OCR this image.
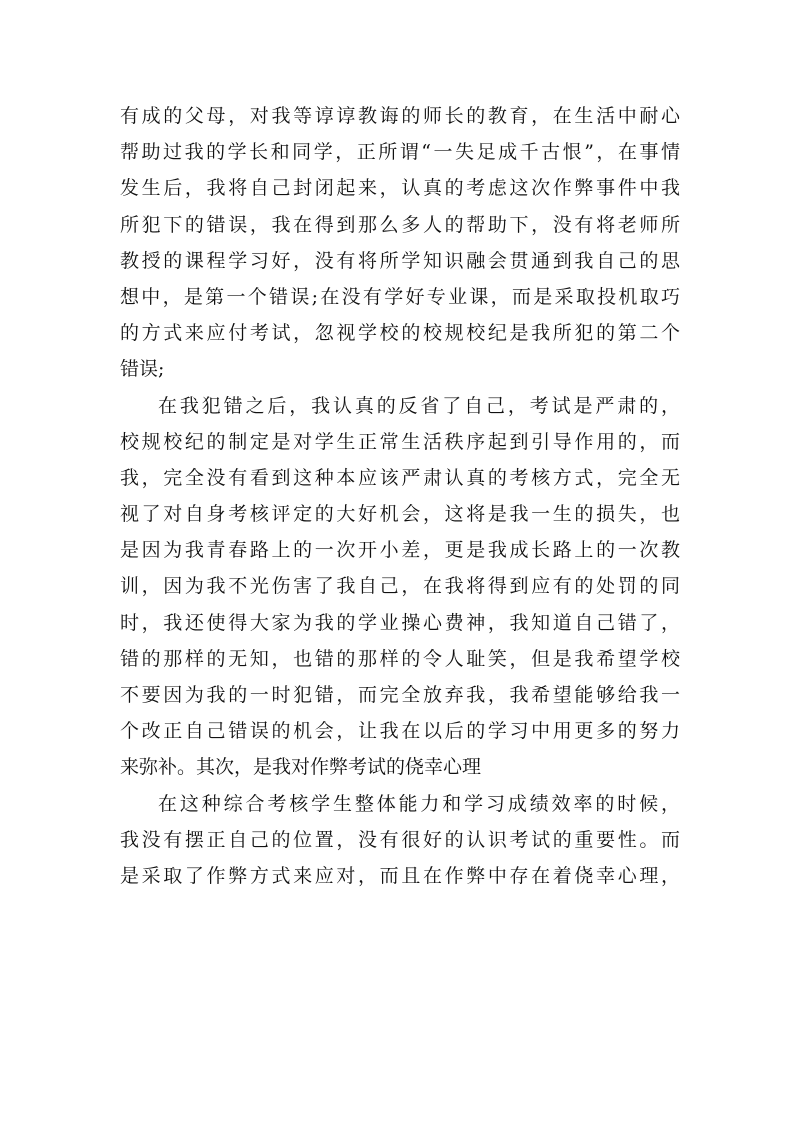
有成的父母，对我等谆谆教诲的师长的教育，在生活中耐心
帮助过我的学长和同学，正所谓“一失足成千古恨”，在事情
发生后，我将自己封闭起来，认真的考虑这次作弊事件中我
所犯下的错误，我在得到那么多人的帮助下，没有将老师所
教授的课程学习好，没有将所学知识融会贯通到我自己的思
想中，是第一个错误;在没有学好专业课，而是采取投机取巧
的方式来应付考试，忽视学校的校规校纪是我所犯的第二个
错误;
在我犯错之后，我认真的反省了自己，考试是严肃的，
校规校纪的制定是对学生正常生活秩序起到引导作用的，而
我，完全没有看到这种本应该严肃认真的考核方式，完全无
视了对自身考核评定的大好机会，这将是我一生的损失，也
是因为我青春路上的一次开小差，更是我成长路上的一次教
训，因为我不光伤害了我自己，在我将得到应有的处罚的同
时，我还使得大家为我的学业操心费神，我知道自己错了，
错的那样的无知，也错的那样的令人耻笑，但是我希望学校
不要因为我的一时犯错，而完全放弃我，我希望能够给我一
个改正自己错误的机会，让我在以后的学习中用更多的努力
来弥补。其次，是我对作弊考试的侥幸心理
在这种综合考核学生整体能力和学习成绩效率的时候，
我没有摆正自己的位置，没有很好的认识考试的重要性。而
是采取了作弊方式来应对，而且在作弊中存在着侥幸心理，
